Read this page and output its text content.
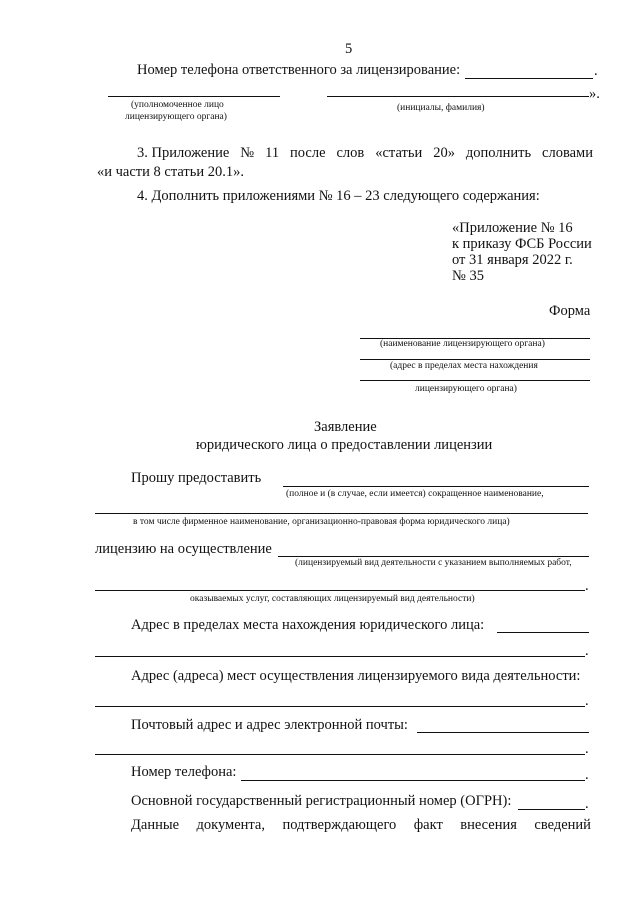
5
Номер телефона ответственного за лицензирование:	.
».
(уполномоченное лицо
лицензирующего органа)
(инициалы, фамилия)
3. Приложение № 11 после слов «статьи 20» дополнить словами
«и части 8 статьи 20.1».
4. Дополнить приложениями № 16 – 23 следующего содержания:
«Приложение № 16
к приказу ФСБ России
от 31 января 2022 г.
№ 35
Форма
(наименование лицензирующего органа)
(адрес в пределах места нахождения
лицензирующего органа)
Заявление
юридического лица о предоставлении лицензии
Прошу предоставить
(полное и (в случае, если имеется) сокращенное наименование,
в том числе фирменное наименование, организационно-правовая форма юридического лица)
лицензию на осуществление
(лицензируемый вид деятельности с указанием выполняемых работ,
.
оказываемых услуг, составляющих лицензируемый вид деятельности)
Адрес в пределах места нахождения юридического лица:
.
Адрес (адреса) мест осуществления лицензируемого вида деятельности:
.
Почтовый адрес и адрес электронной почты:
.
Номер телефона:	.
Основной государственный регистрационный номер (ОГРН):	.
Данные документа, подтверждающего факт внесения сведений
